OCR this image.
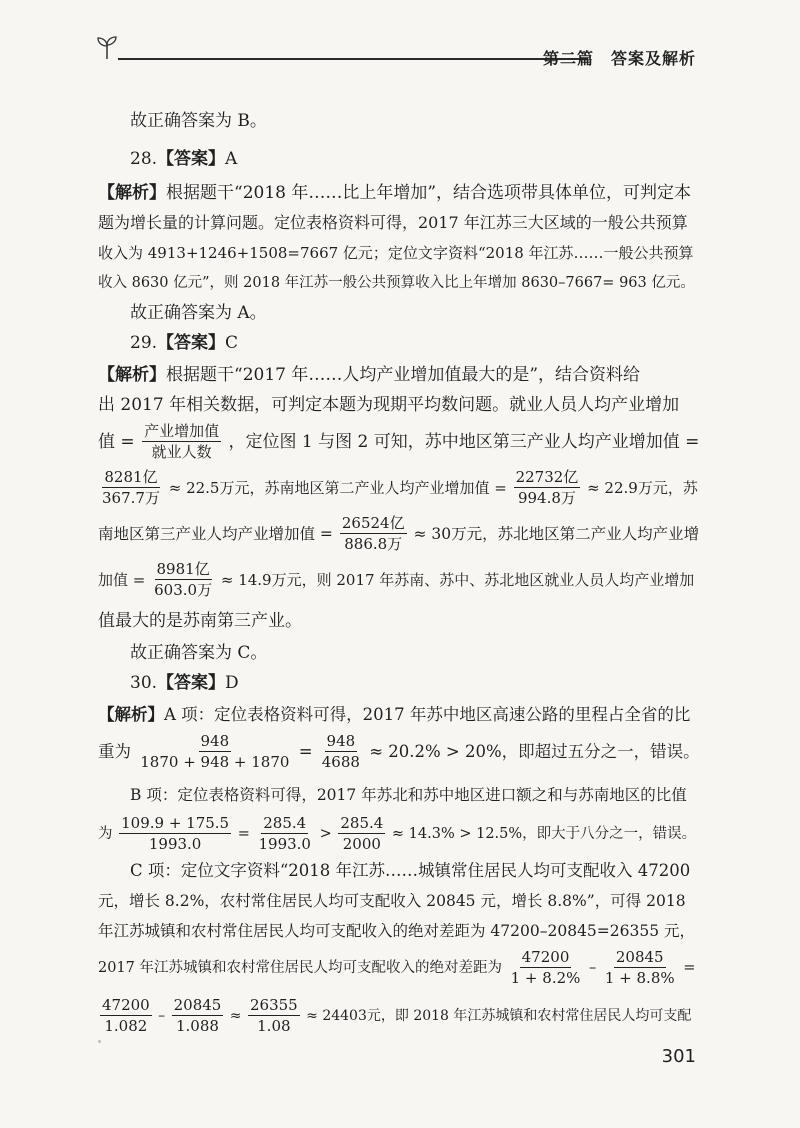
第二篇　答案及解析
故正确答案为 B。
28.【答案】A
【解析】根据题干“2018 年……比上年增加”，结合选项带具体单位，可判定本
题为增长量的计算问题。定位表格资料可得，2017 年江苏三大区域的一般公共预算
收入为 4913+1246+1508=7667 亿元；定位文字资料“2018 年江苏……一般公共预算
收入 8630 亿元”，则 2018 年江苏一般公共预算收入比上年增加 8630–7667= 963 亿元。
故正确答案为 A。
29.【答案】C
【解析】根据题干“2017 年……人均产业增加值最大的是”，结合资料给
出 2017 年相关数据，可判定本题为现期平均数问题。就业人员人均产业增加
值 = $\frac{\text{产业增加值}}{\text{就业人数}}$ ，定位图 1 与图 2 可知，苏中地区第三产业人均产业增加值 =
$\frac{\text{8281亿}}{\text{367.7万}} \approx 22.5$万元，苏南地区第二产业人均产业增加值 = $\frac{\text{22732亿}}{\text{994.8万}} \approx 22.9$万元，苏
南地区第三产业人均产业增加值 = $\frac{\text{26524亿}}{\text{886.8万}} \approx 30$万元，苏北地区第二产业人均产业增
加值 = $\frac{\text{8981亿}}{\text{603.0万}} \approx 14.9$万元，则 2017 年苏南、苏中、苏北地区就业人员人均产业增加
值最大的是苏南第三产业。
故正确答案为 C。
30.【答案】D
【解析】A 项：定位表格资料可得，2017 年苏中地区高速公路的里程占全省的比
重为 $\frac{948}{1870 + 948 + 1870} = \frac{948}{4688} \approx 20.2\% > 20\%$，即超过五分之一，错误。
B 项：定位表格资料可得，2017 年苏北和苏中地区进口额之和与苏南地区的比值
为 $\frac{109.9 + 175.5}{1993.0} = \frac{285.4}{1993.0} > \frac{285.4}{2000} \approx 14.3\% > 12.5\%$，即大于八分之一，错误。
C 项：定位文字资料“2018 年江苏……城镇常住居民人均可支配收入 47200
元，增长 8.2%，农村常住居民人均可支配收入 20845 元，增长 8.8%”，可得 2018
年江苏城镇和农村常住居民人均可支配收入的绝对差距为 47200–20845=26355 元，
2017 年江苏城镇和农村常住居民人均可支配收入的绝对差距为 $\frac{47200}{1 + 8.2\%} - \frac{20845}{1 + 8.8\%}$ =
$\frac{47200}{1.082} - \frac{20845}{1.088} \approx \frac{26355}{1.08} \approx 24403$元，即 2018 年江苏城镇和农村常住居民人均可支配
301
